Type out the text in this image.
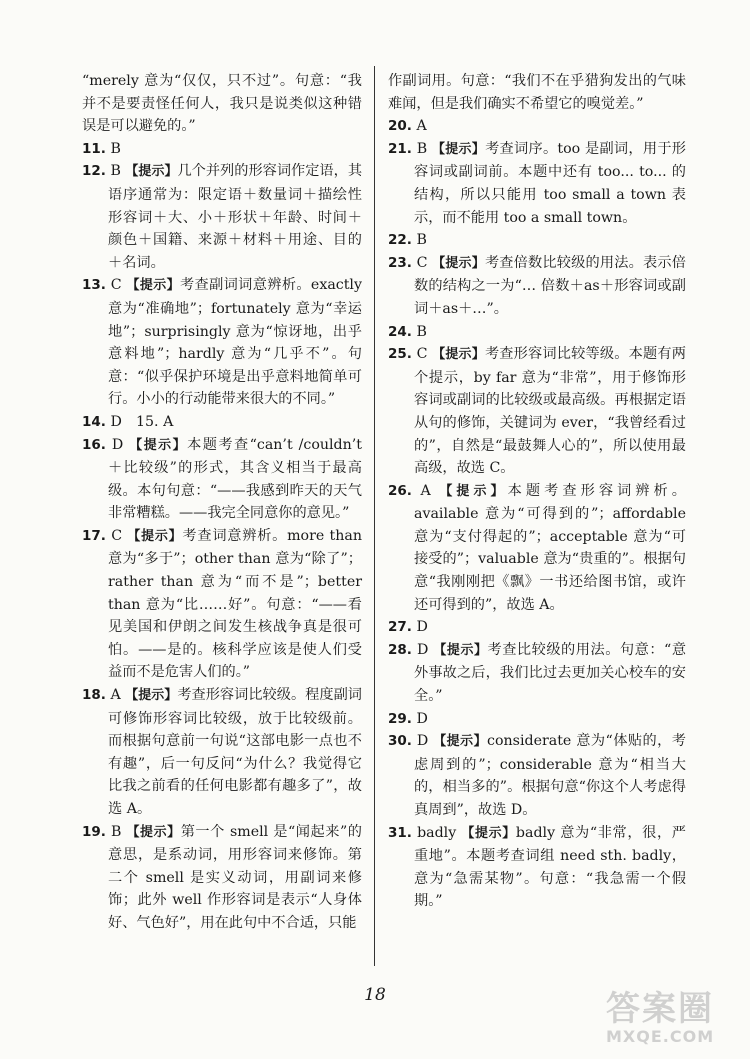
“merely 意为“仅仅，只不过”。句意：“我并不是要责怪任何人，我只是说类似这种错误是可以避免的。”

11. B

12. B 【提示】几个并列的形容词作定语，其语序通常为：限定语＋数量词＋描绘性形容词＋大、小＋形状＋年龄、时间＋颜色＋国籍、来源＋材料＋用途、目的＋名词。

13. C 【提示】考查副词词意辨析。exactly 意为“准确地”；fortunately 意为“幸运地”；surprisingly 意为“惊讶地，出乎意料地”；hardly 意为“几乎不”。句意：“似乎保护环境是出乎意料地简单可行。小小的行动能带来很大的不同。”

14. D　15. A

16. D 【提示】本题考查“can’t /couldn’t ＋比较级”的形式，其含义相当于最高级。本句句意：“——我感到昨天的天气非常糟糕。——我完全同意你的意见。”

17. C 【提示】考查词意辨析。more than 意为“多于”；other than 意为“除了”；rather than 意为“而不是”；better than 意为“比……好”。句意：“——看见美国和伊朗之间发生核战争真是很可怕。——是的。核科学应该是使人们受益而不是危害人们的。”

18. A 【提示】考查形容词比较级。程度副词可修饰形容词比较级，放于比较级前。而根据句意前一句说“这部电影一点也不有趣”，后一句反问“为什么？我觉得它比我之前看的任何电影都有趣多了”，故选 A。

19. B 【提示】第一个 smell 是“闻起来”的意思，是系动词，用形容词来修饰。第二个 smell 是实义动词，用副词来修饰；此外 well 作形容词是表示“人身体好、气色好”，用在此句中不合适，只能

作副词用。句意：“我们不在乎猎狗发出的气味难闻，但是我们确实不希望它的嗅觉差。”

20. A

21. B 【提示】考查词序。too 是副词，用于形容词或副词前。本题中还有 too... to... 的结构，所以只能用 too small a town 表示，而不能用 too a small town。

22. B

23. C 【提示】考查倍数比较级的用法。表示倍数的结构之一为“… 倍数＋as＋形容词或副词＋as＋…”。

24. B

25. C 【提示】考查形容词比较等级。本题有两个提示，by far 意为“非常”，用于修饰形容词或副词的比较级或最高级。再根据定语从句的修饰，关键词为 ever，“我曾经看过的”，自然是“最鼓舞人心的”，所以使用最高级，故选 C。

26. A 【提示】本题考查形容词辨析。available 意为“可得到的”；affordable 意为“支付得起的”；acceptable 意为“可接受的”；valuable 意为“贵重的”。根据句意“我刚刚把《飘》一书还给图书馆，或许还可得到的”，故选 A。

27. D

28. D 【提示】考查比较级的用法。句意：“意外事故之后，我们比过去更加关心校车的安全。”

29. D

30. D 【提示】considerate 意为“体贴的，考虑周到的”；considerable 意为“相当大的，相当多的”。根据句意“你这个人考虑得真周到”，故选 D。

31. badly 【提示】badly 意为“非常，很，严重地”。本题考查词组 need sth. badly，意为“急需某物”。句意：“我急需一个假期。”

18	答案圈
MXQE.COM
